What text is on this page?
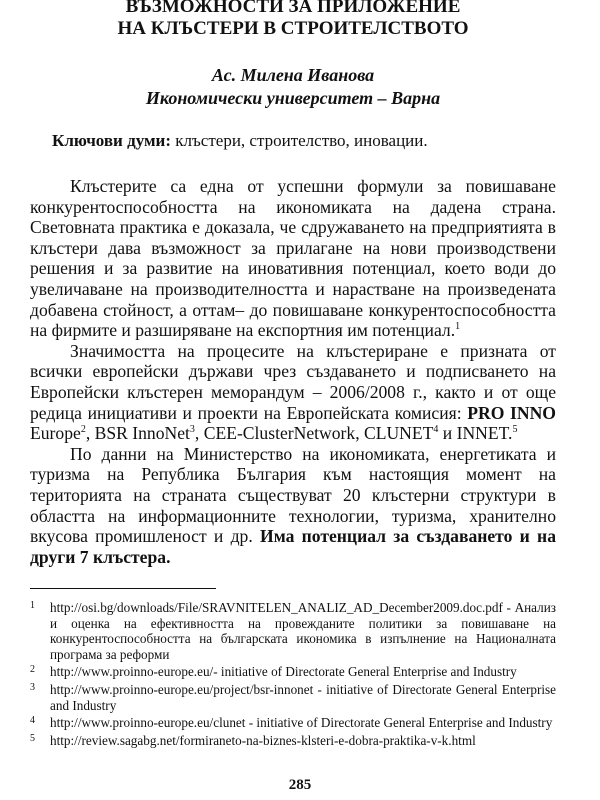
ВЪЗМОЖНОСТИ ЗА ПРИЛОЖЕНИЕ
НА КЛЪСТЕРИ В СТРОИТЕЛСТВОТО
Ас. Милена Иванова
Икономически университет – Варна
Ключови думи: клъстери, строителство, иновации.

Клъстерите са една от успешни формули за повишаване конкурентоспособността на икономиката на дадена страна. Световната практика е доказала, че сдружаването на предприятията в клъстери дава възможност за прилагане на нови производствени решения и за развитие на иновативния потенциал, което води до увеличаване на производителността и нарастване на произведената добавена стойност, а оттам– до повишаване конкурентоспособността на фирмите и разширяване на експортния им потенциал.$^1$

Значимостта на процесите на клъстериране е призната от всички европейски държави чрез създаването и подписването на Европейски клъстерен меморандум – 2006/2008 г., както и от още редица инициативи и проекти на Европейската комисия: PRO INNO Europe$^2$, BSR InnoNet$^3$, CEE-ClusterNetwork, CLUNET$^4$ и INNET.$^5$

По данни на Министерство на икономиката, енергетиката и туризма на Република България към настоящия момент на територията на страната съществуват 20 клъстерни структури в областта на информационните технологии, туризма, хранително вкусова промишленост и др. Има потенциал за създаването и на други 7 клъстера.

1	http://osi.bg/downloads/File/SRAVNITELEN_ANALIZ_AD_December2009.doc.pdf - Анализ и оценка на ефективността на провежданите политики за повишаване на конкурентоспособността на българската икономика в изпълнение на Националната програма за реформи
2	http://www.proinno-europe.eu/- initiative of Directorate General Enterprise and Industry
3	http://www.proinno-europe.eu/project/bsr-innonet - initiative of Directorate General Enterprise and Industry
4	http://www.proinno-europe.eu/clunet - initiative of Directorate General Enterprise and Industry
5	http://review.sagabg.net/formiraneto-na-biznes-klsteri-e-dobra-praktika-v-k.html
285
